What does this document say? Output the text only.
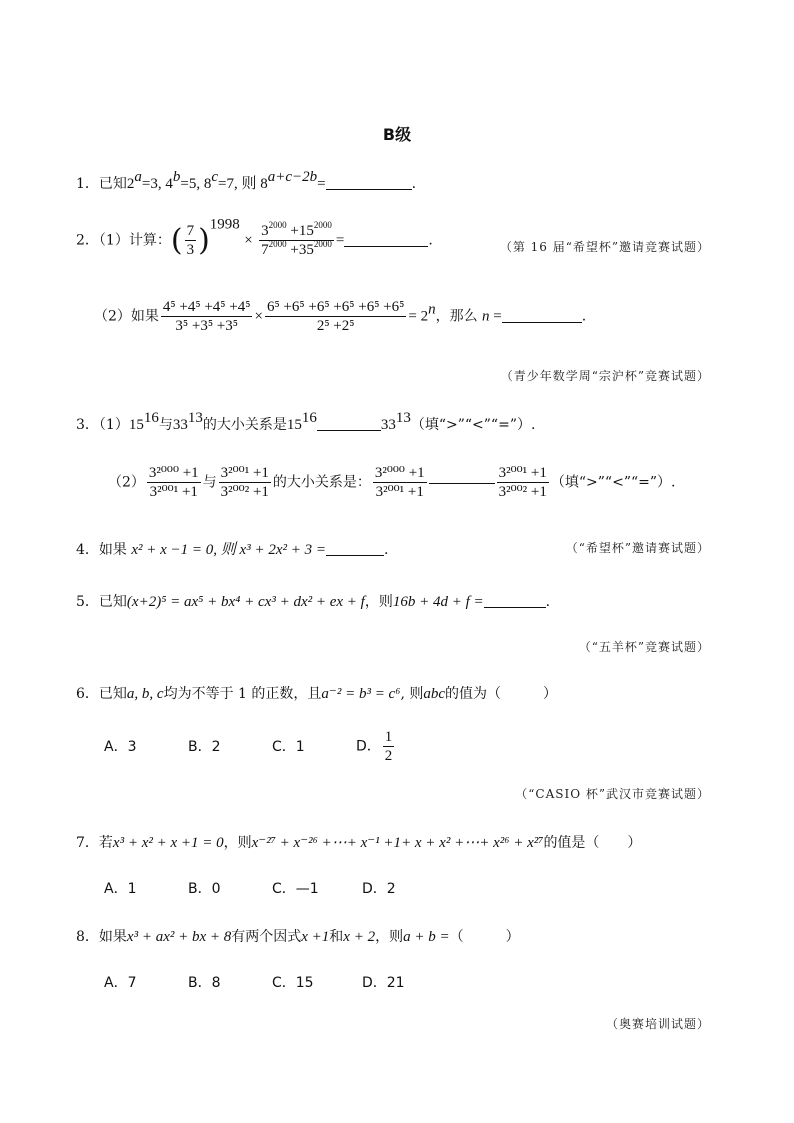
B级
1．已知$2^a=3$, $4^b=5$, $8^c=7$, 则 $8^{a+c-2b}=$	.
2．（1）计算：( $\frac{7}{3} )^{1998} \times \frac{3^{2000} +15^{2000}}{7^{2000} +35^{2000}}$ =	.	（第 16 届“希望杯”邀请竞赛试题）
（2）如果 $\frac{\text{4⁵ +4⁵ +4⁵ +4⁵}}{\text{3⁵ +3⁵ +3⁵}} \times \frac{\text{6⁵ +6⁵ +6⁵ +6⁵ +6⁵ +6⁵}}{\text{2⁵ +2⁵}} = 2^n$，那么 n =	.
（青少年数学周“宗沪杯”竞赛试题）
3．$(1)15^{16}$与$33^{13}$的大小关系是$15^{16}$	$33^{13}$（填“>”“<”“=”）.
$(2) \frac{\text{3²⁰⁰⁰ +1}}{\text{3²⁰⁰¹ +1}}$ 与 $\frac{\text{3²⁰⁰¹ +1}}{\text{3²⁰⁰² +1}}$ 的大小关系是： $\frac{\text{3²⁰⁰⁰ +1}}{\text{3²⁰⁰¹ +1}}$	$\frac{\text{3²⁰⁰¹ +1}}{\text{3²⁰⁰² +1}}$ （填“>”“<”“=”）.
4．如果 x² + x −1 = 0, 则 x³ + 2x² + 3 =	.	（“希望杯”邀请赛试题）
5．已知(x+2)⁵ = ax⁵ + bx⁴ + cx³ + dx² + ex + f，则16b + 4d + f =	.
（“五羊杯”竞赛试题）
6．已知a, b, c均为不等于 1 的正数，且a⁻² = b³ = c⁶, 则abc的值为（　　　）
A．3	B．2	C．1	D． $\frac{1}{2}$
（“CASIO 杯”武汉市竞赛试题）
7．若x³ + x² + x +1 = 0，则x⁻²⁷ + x⁻²⁶ +⋯+ x⁻¹ +1+ x + x² +⋯+ x²⁶ + x²⁷的值是（　　）
A．1	B．0	C．—1	D．2
8．如果x³ + ax² + bx + 8有两个因式x +1和x + 2，则a + b =（　　　）
A．7	B．8	C．15	D．21
（奥赛培训试题）
